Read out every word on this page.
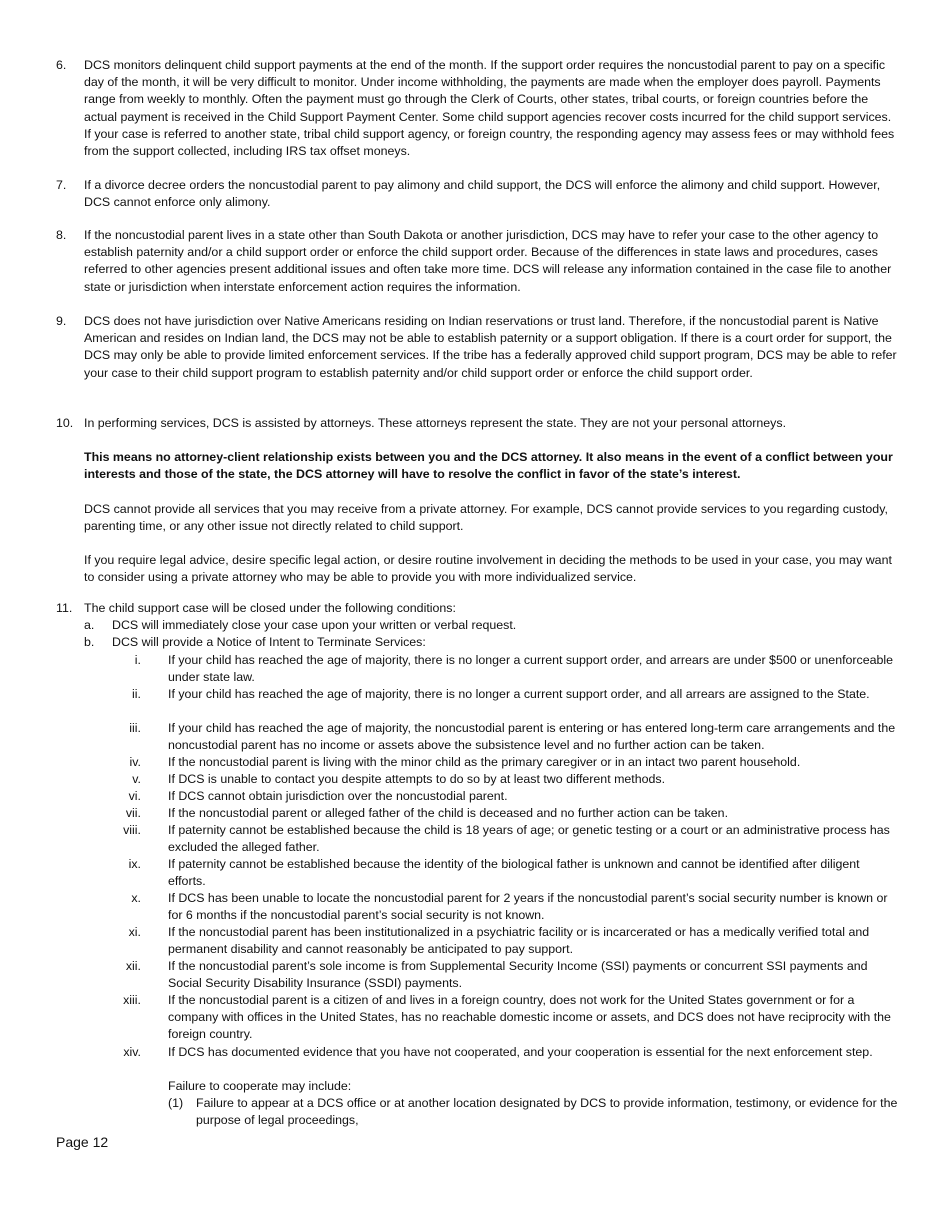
6. DCS monitors delinquent child support payments at the end of the month. If the support order requires the noncustodial parent to pay on a specific day of the month, it will be very difficult to monitor. Under income withholding, the payments are made when the employer does payroll. Payments range from weekly to monthly. Often the payment must go through the Clerk of Courts, other states, tribal courts, or foreign countries before the actual payment is received in the Child Support Payment Center. Some child support agencies recover costs incurred for the child support services. If your case is referred to another state, tribal child support agency, or foreign country, the responding agency may assess fees or may withhold fees from the support collected, including IRS tax offset moneys.
7. If a divorce decree orders the noncustodial parent to pay alimony and child support, the DCS will enforce the alimony and child support. However, DCS cannot enforce only alimony.
8. If the noncustodial parent lives in a state other than South Dakota or another jurisdiction, DCS may have to refer your case to the other agency to establish paternity and/or a child support order or enforce the child support order. Because of the differences in state laws and procedures, cases referred to other agencies present additional issues and often take more time. DCS will release any information contained in the case file to another state or jurisdiction when interstate enforcement action requires the information.
9. DCS does not have jurisdiction over Native Americans residing on Indian reservations or trust land. Therefore, if the noncustodial parent is Native American and resides on Indian land, the DCS may not be able to establish paternity or a support obligation. If there is a court order for support, the DCS may only be able to provide limited enforcement services. If the tribe has a federally approved child support program, DCS may be able to refer your case to their child support program to establish paternity and/or child support order or enforce the child support order.
10. In performing services, DCS is assisted by attorneys. These attorneys represent the state. They are not your personal attorneys.
This means no attorney-client relationship exists between you and the DCS attorney. It also means in the event of a conflict between your interests and those of the state, the DCS attorney will have to resolve the conflict in favor of the state’s interest.
DCS cannot provide all services that you may receive from a private attorney. For example, DCS cannot provide services to you regarding custody, parenting time, or any other issue not directly related to child support.
If you require legal advice, desire specific legal action, or desire routine involvement in deciding the methods to be used in your case, you may want to consider using a private attorney who may be able to provide you with more individualized service.
11. The child support case will be closed under the following conditions:
a. DCS will immediately close your case upon your written or verbal request.
b. DCS will provide a Notice of Intent to Terminate Services:
i. If your child has reached the age of majority, there is no longer a current support order, and arrears are under $500 or unenforceable under state law.
ii. If your child has reached the age of majority, there is no longer a current support order, and all arrears are assigned to the State.
iii. If your child has reached the age of majority, the noncustodial parent is entering or has entered long-term care arrangements and the noncustodial parent has no income or assets above the subsistence level and no further action can be taken.
iv. If the noncustodial parent is living with the minor child as the primary caregiver or in an intact two parent household.
v. If DCS is unable to contact you despite attempts to do so by at least two different methods.
vi. If DCS cannot obtain jurisdiction over the noncustodial parent.
vii. If the noncustodial parent or alleged father of the child is deceased and no further action can be taken.
viii. If paternity cannot be established because the child is 18 years of age; or genetic testing or a court or an administrative process has excluded the alleged father.
ix. If paternity cannot be established because the identity of the biological father is unknown and cannot be identified after diligent efforts.
x. If DCS has been unable to locate the noncustodial parent for 2 years if the noncustodial parent’s social security number is known or for 6 months if the noncustodial parent’s social security is not known.
xi. If the noncustodial parent has been institutionalized in a psychiatric facility or is incarcerated or has a medically verified total and permanent disability and cannot reasonably be anticipated to pay support.
xii. If the noncustodial parent’s sole income is from Supplemental Security Income (SSI) payments or concurrent SSI payments and Social Security Disability Insurance (SSDI) payments.
xiii. If the noncustodial parent is a citizen of and lives in a foreign country, does not work for the United States government or for a company with offices in the United States, has no reachable domestic income or assets, and DCS does not have reciprocity with the foreign country.
xiv. If DCS has documented evidence that you have not cooperated, and your cooperation is essential for the next enforcement step.
Failure to cooperate may include:
(1) Failure to appear at a DCS office or at another location designated by DCS to provide information, testimony, or evidence for the purpose of legal proceedings,
Page 12
